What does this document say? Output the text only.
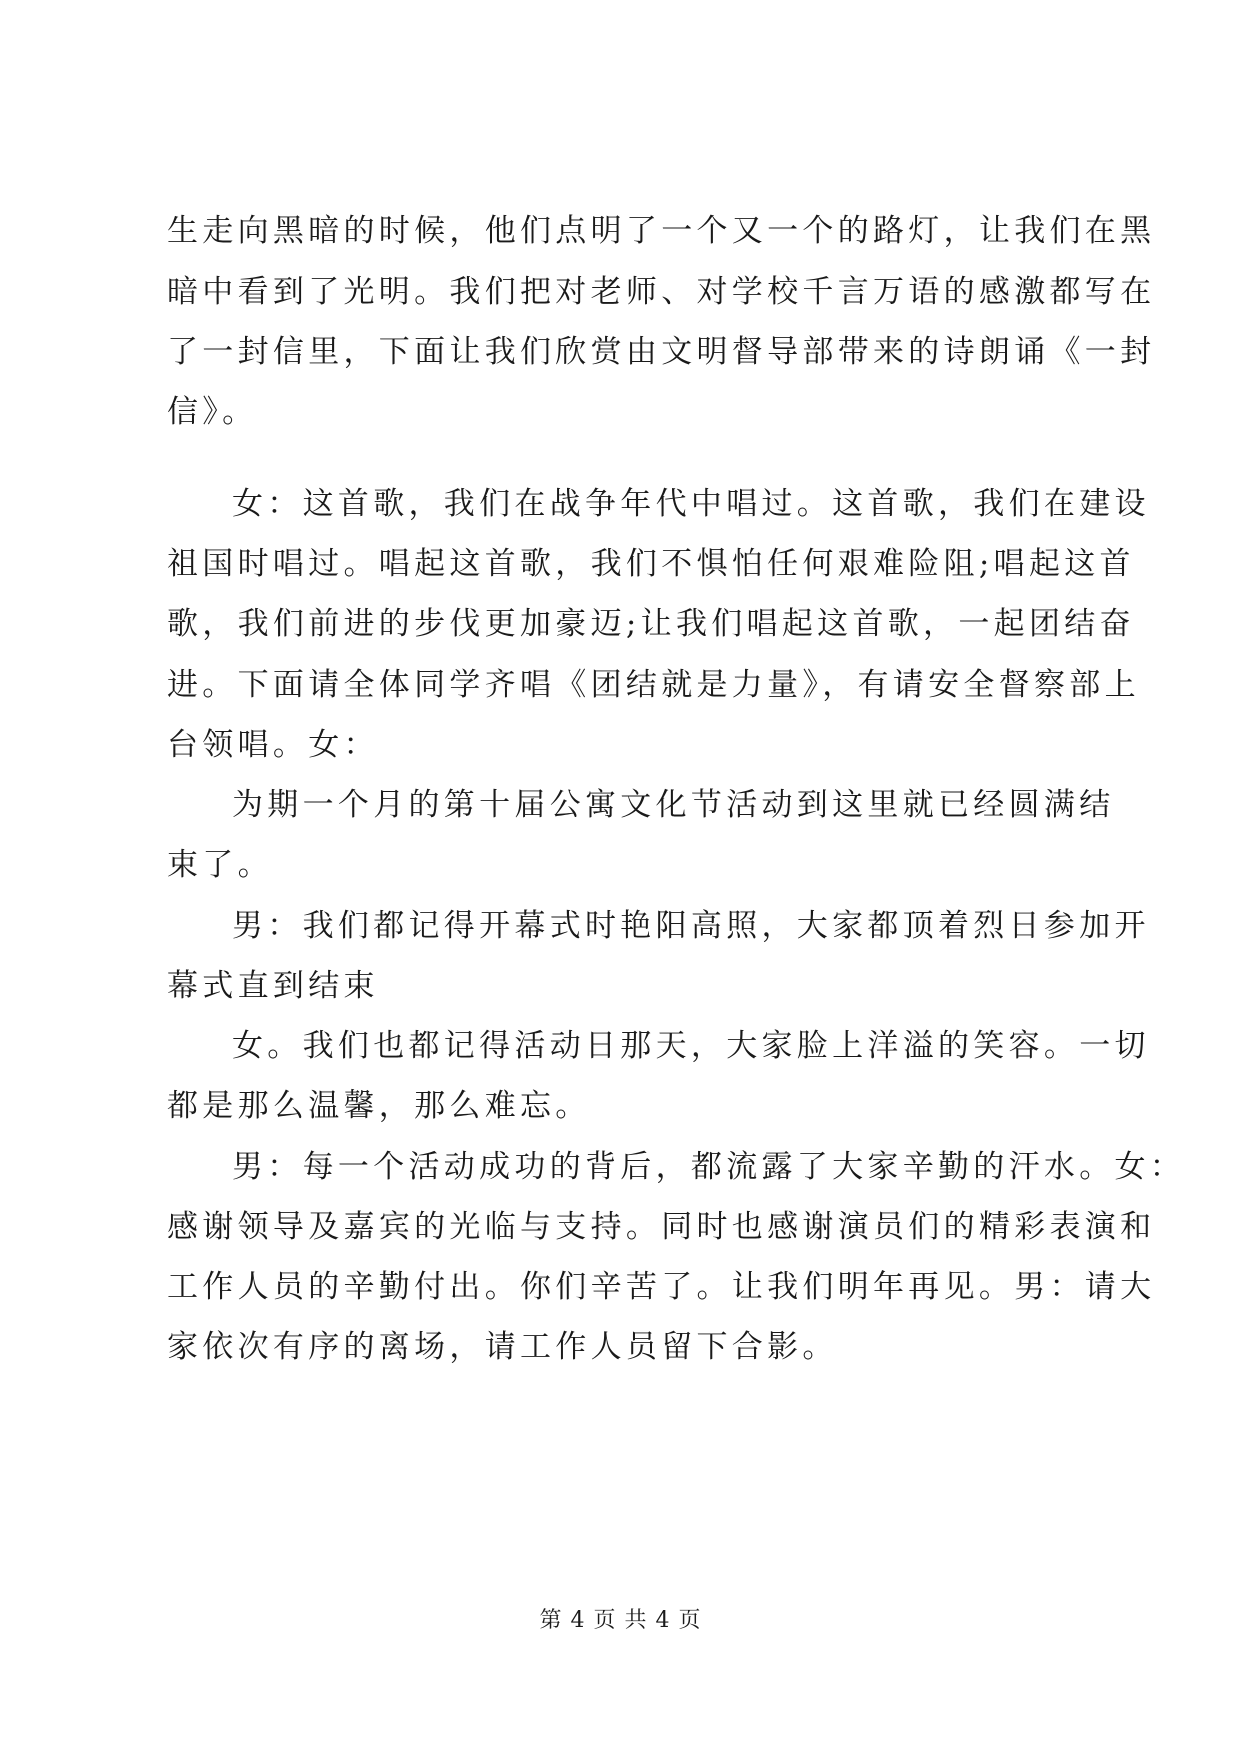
生走向黑暗的时候，他们点明了一个又一个的路灯，让我们在黑
暗中看到了光明。我们把对老师、对学校千言万语的感激都写在
了一封信里，下面让我们欣赏由文明督导部带来的诗朗诵《一封
信》。
女：这首歌，我们在战争年代中唱过。这首歌，我们在建设
祖国时唱过。唱起这首歌，我们不惧怕任何艰难险阻;唱起这首
歌，我们前进的步伐更加豪迈;让我们唱起这首歌，一起团结奋
进。下面请全体同学齐唱《团结就是力量》，有请安全督察部上
台领唱。女：
为期一个月的第十届公寓文化节活动到这里就已经圆满结
束了。
男：我们都记得开幕式时艳阳高照，大家都顶着烈日参加开
幕式直到结束
女。我们也都记得活动日那天，大家脸上洋溢的笑容。一切
都是那么温馨，那么难忘。
男：每一个活动成功的背后，都流露了大家辛勤的汗水。女：
感谢领导及嘉宾的光临与支持。同时也感谢演员们的精彩表演和
工作人员的辛勤付出。你们辛苦了。让我们明年再见。男：请大
家依次有序的离场，请工作人员留下合影。
第 4 页 共 4 页
